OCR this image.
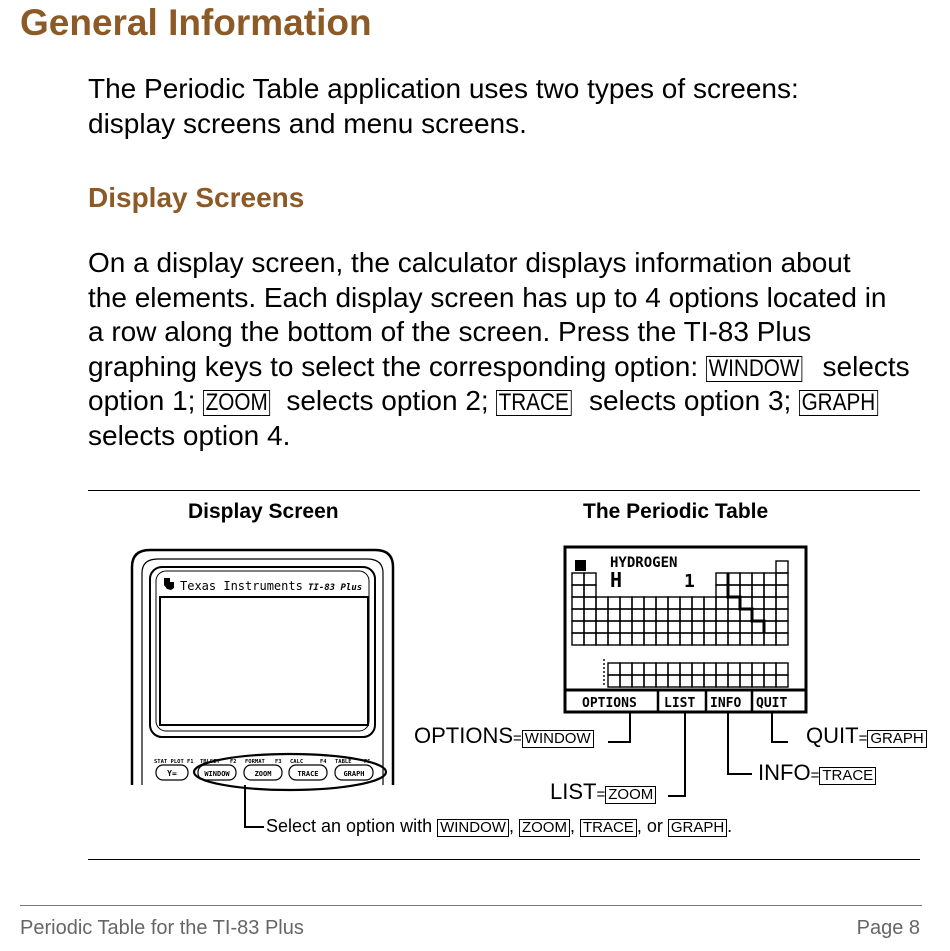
General Information
The Periodic Table application uses two types of screens:
display screens and menu screens.
Display Screens
On a display screen, the calculator displays information about
the elements. Each display screen has up to 4 options located in
a row along the bottom of the screen. Press the TI-83 Plus
graphing keys to select the corresponding option: WINDOW selects
option 1; ZOOM selects option 2; TRACE selects option 3; GRAPH
selects option 4.
Display Screen	The Periodic Table
Texas Instruments TI-83 Plus
STAT PLOT F1 TBLSET F2 FORMAT F3 CALC	F4 TABLE F5
Y=	WINDOW	ZOOM	TRACE	GRAPH
HYDROGEN
H	1
OPTIONS LIST INFO QUIT
OPTIONS= WINDOW	QUIT= GRAPH
INFO= TRACE
LIST= ZOOM
Select an option with WINDOW , ZOOM , TRACE , or GRAPH .
Periodic Table for the TI-83 Plus	Page 8
